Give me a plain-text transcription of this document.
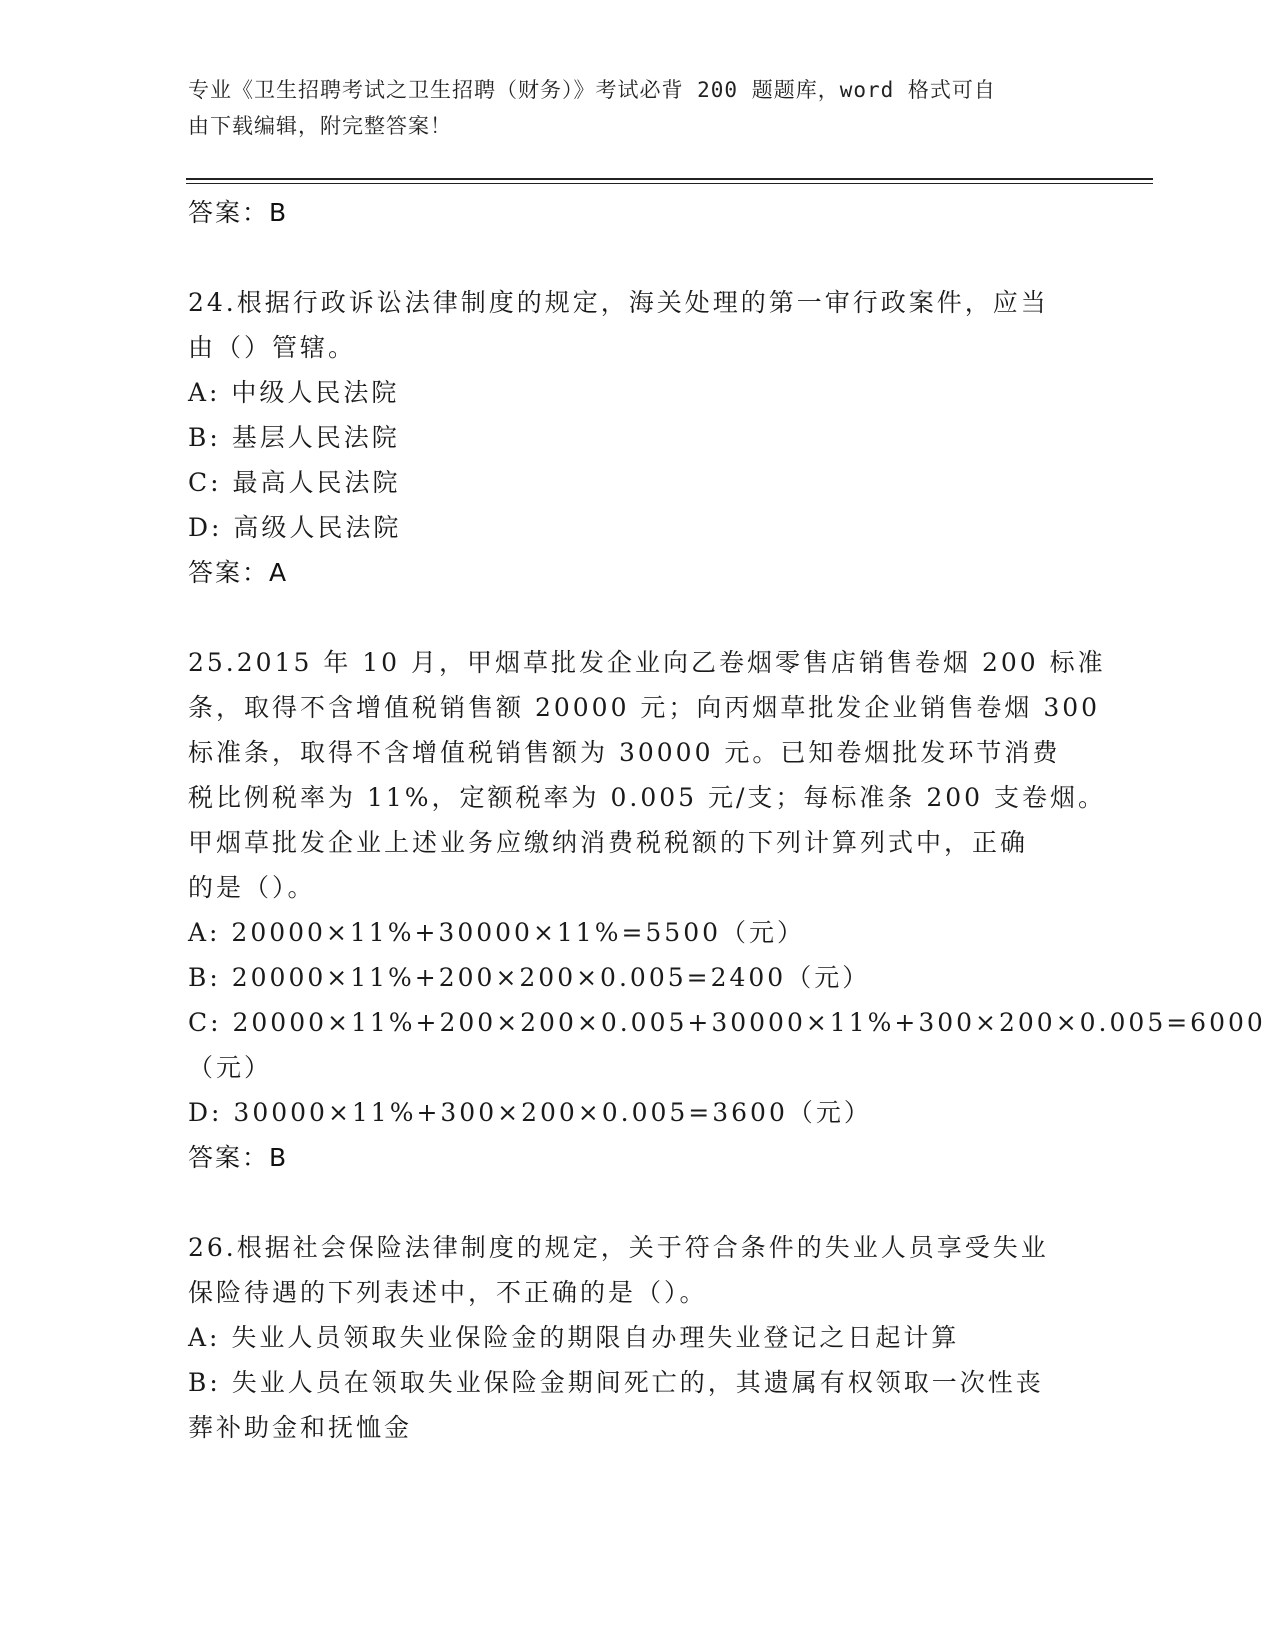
专业《卫生招聘考试之卫生招聘（财务）》考试必背 200 题题库，word 格式可自
由下载编辑，附完整答案！
答案：B
24.根据行政诉讼法律制度的规定，海关处理的第一审行政案件，应当
由（）管辖。
A: 中级人民法院
B: 基层人民法院
C: 最高人民法院
D: 高级人民法院
答案：A
25.2015 年 10 月，甲烟草批发企业向乙卷烟零售店销售卷烟 200 标准
条，取得不含增值税销售额 20000 元；向丙烟草批发企业销售卷烟 300
标准条，取得不含增值税销售额为 30000 元。已知卷烟批发环节消费
税比例税率为 11%，定额税率为 0.005 元/支；每标准条 200 支卷烟。
甲烟草批发企业上述业务应缴纳消费税税额的下列计算列式中，正确
的是（）。
A: 20000×11%+30000×11%=5500（元）
B: 20000×11%+200×200×0.005=2400（元）
C: 20000×11%+200×200×0.005+30000×11%+300×200×0.005=6000
（元）
D: 30000×11%+300×200×0.005=3600（元）
答案：B
26.根据社会保险法律制度的规定，关于符合条件的失业人员享受失业
保险待遇的下列表述中，不正确的是（）。
A: 失业人员领取失业保险金的期限自办理失业登记之日起计算
B: 失业人员在领取失业保险金期间死亡的，其遗属有权领取一次性丧
葬补助金和抚恤金
